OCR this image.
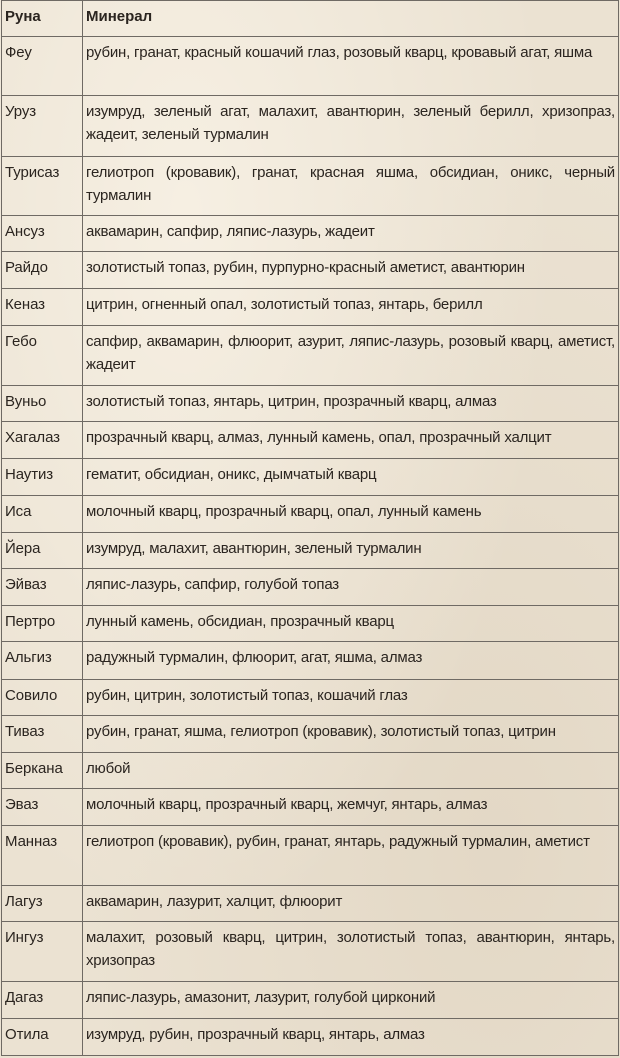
Руна	Минерал
Феу	рубин, гранат, красный кошачий глаз, розовый кварц, кровавый агат, яшма
Уруз	изумруд, зеленый агат, малахит, авантюрин, зеленый берилл, хризопраз, жадеит, зеленый турмалин
Турисаз	гелиотроп (кровавик), гранат, красная яшма, обсидиан, оникс, черный турмалин
Ансуз	аквамарин, сапфир, ляпис-лазурь, жадеит
Райдо	золотистый топаз, рубин, пурпурно-красный аметист, авантюрин
Кеназ	цитрин, огненный опал, золотистый топаз, янтарь, берилл
Гебо	сапфир, аквамарин, флюорит, азурит, ляпис-лазурь, розовый кварц, аметист, жадеит
Вуньо	золотистый топаз, янтарь, цитрин, прозрачный кварц, алмаз
Хагалаз	прозрачный кварц, алмаз, лунный камень, опал, прозрачный халцит
Наутиз	гематит, обсидиан, оникс, дымчатый кварц
Иса	молочный кварц, прозрачный кварц, опал, лунный камень
Йера	изумруд, малахит, авантюрин, зеленый турмалин
Эйваз	ляпис-лазурь, сапфир, голубой топаз
Пертро	лунный камень, обсидиан, прозрачный кварц
Альгиз	радужный турмалин, флюорит, агат, яшма, алмаз
Совило	рубин, цитрин, золотистый топаз, кошачий глаз
Тиваз	рубин, гранат, яшма, гелиотроп (кровавик), золотистый топаз, цитрин
Беркана	любой
Эваз	молочный кварц, прозрачный кварц, жемчуг, янтарь, алмаз
Манназ	гелиотроп (кровавик), рубин, гранат, янтарь, радужный турмалин, аметист
Лагуз	аквамарин, лазурит, халцит, флюорит
Ингуз	малахит, розовый кварц, цитрин, золотистый топаз, авантюрин, янтарь, хризопраз
Дагаз	ляпис-лазурь, амазонит, лазурит, голубой цирконий
Отила	изумруд, рубин, прозрачный кварц, янтарь, алмаз
